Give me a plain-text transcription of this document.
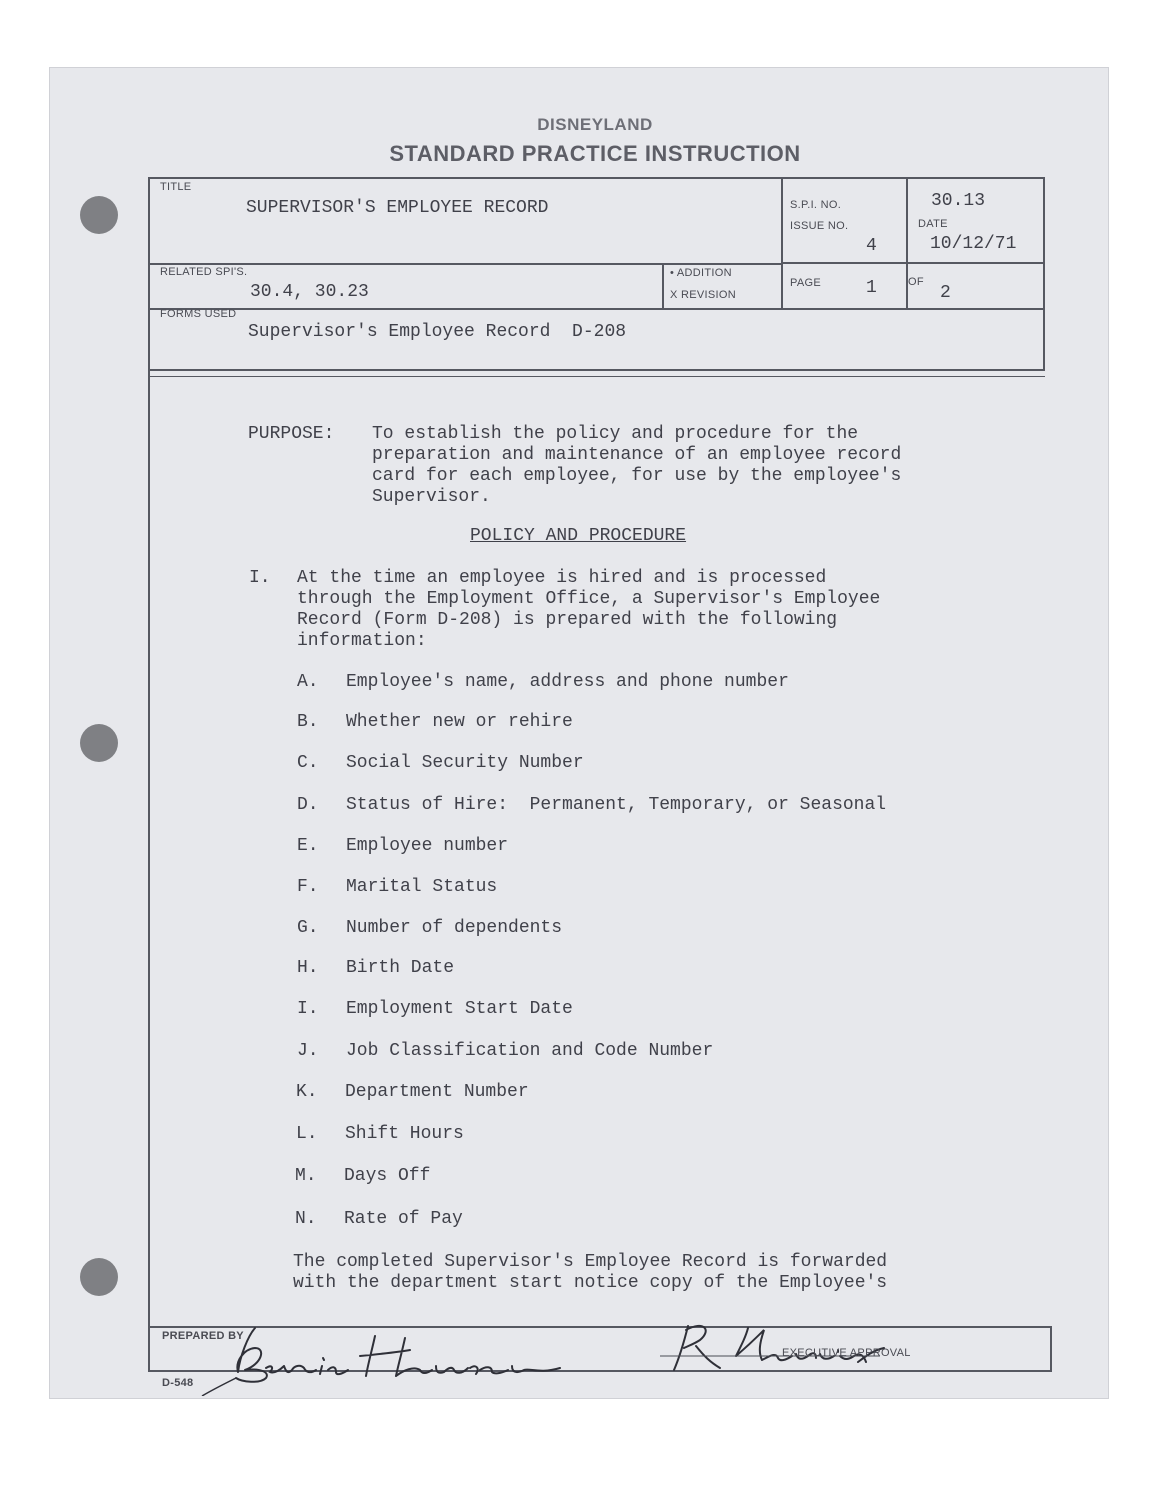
DISNEYLAND
STANDARD PRACTICE INSTRUCTION
TITLE
SUPERVISOR'S EMPLOYEE RECORD	S.P.I. NO.	30.13
ISSUE NO.
4
DATE
10/12/71
RELATED SPI'S.
30.4, 30.23
• ADDITION
X REVISION
PAGE	1	OF
2
FORMS USED
Supervisor's Employee Record  D-208
PURPOSE: To establish the policy and procedure for the
preparation and maintenance of an employee record
card for each employee, for use by the employee's
Supervisor.
POLICY AND PROCEDURE
I. At the time an employee is hired and is processed
through the Employment Office, a Supervisor's Employee
Record (Form D-208) is prepared with the following
information:
A. Employee's name, address and phone number
B. Whether new or rehire
C. Social Security Number
D. Status of Hire:  Permanent, Temporary, or Seasonal
E. Employee number
F. Marital Status
G. Number of dependents
H. Birth Date
I. Employment Start Date
J. Job Classification and Code Number
K. Department Number
L. Shift Hours
M. Days Off
N. Rate of Pay
The completed Supervisor's Employee Record is forwarded
with the department start notice copy of the Employee's
PREPARED BY
EXECUTIVE APPROVAL
D-548
